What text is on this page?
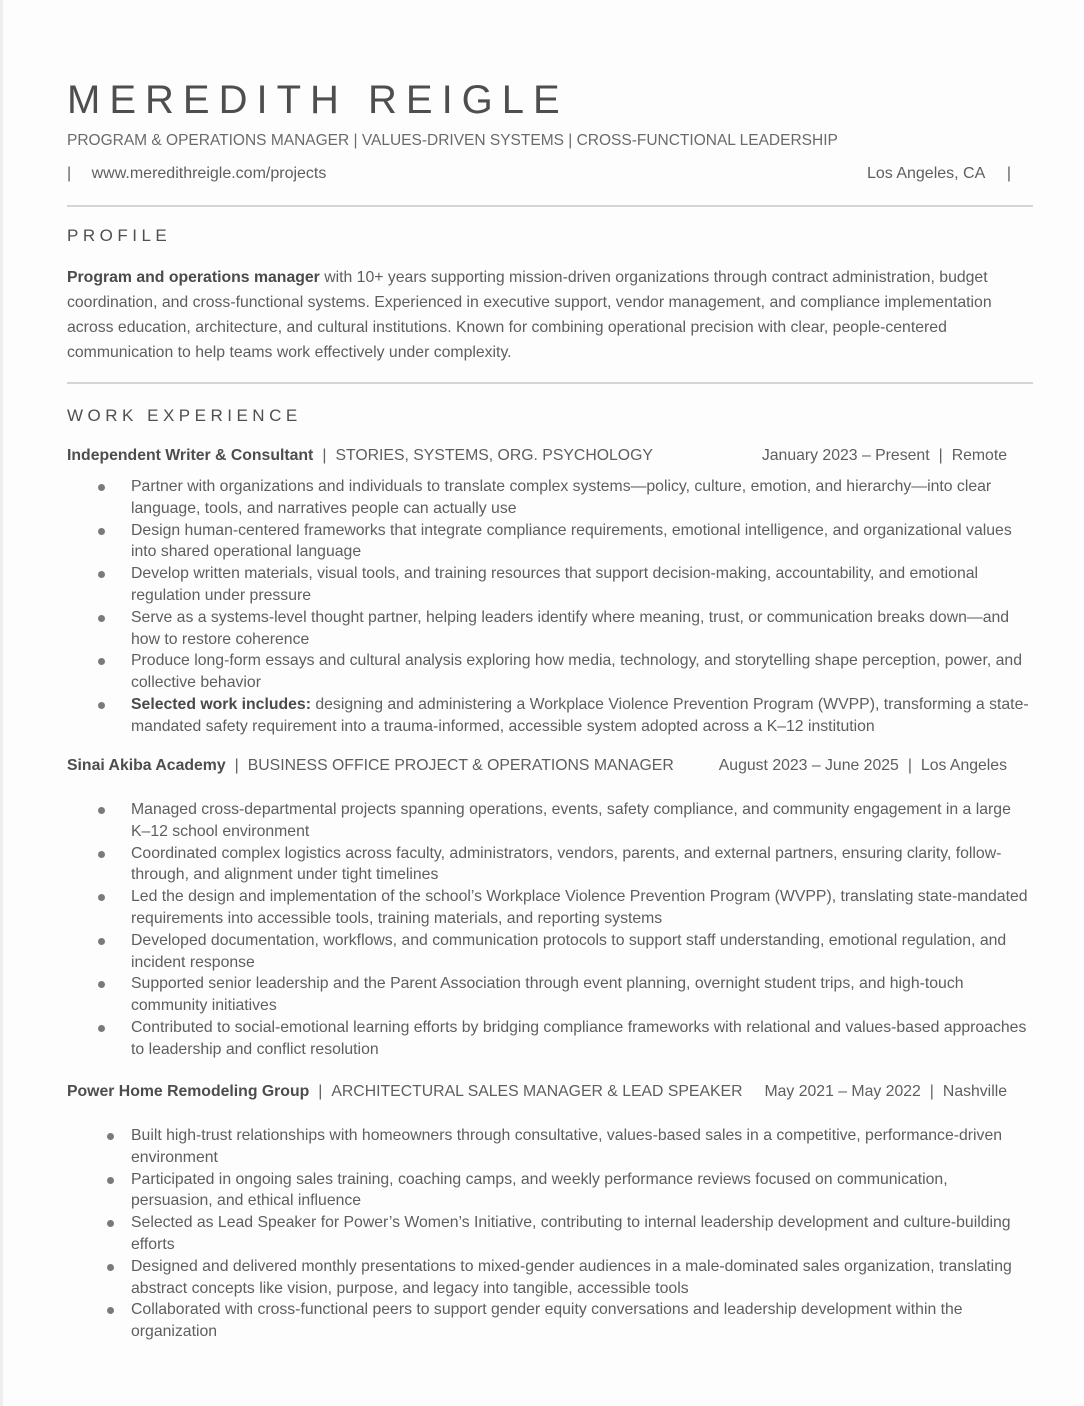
MEREDITH REIGLE
PROGRAM & OPERATIONS MANAGER | VALUES-DRIVEN SYSTEMS | CROSS-FUNCTIONAL LEADERSHIP
| www.meredithreigle.com/projects	Los Angeles, CA |
PROFILE

Program and operations manager with 10+ years supporting mission-driven organizations through contract administration, budget coordination, and cross-functional systems. Experienced in executive support, vendor management, and compliance implementation across education, architecture, and cultural institutions. Known for combining operational precision with clear, people-centered communication to help teams work effectively under complexity.

WORK EXPERIENCE
Independent Writer & Consultant | STORIES, SYSTEMS, ORG. PSYCHOLOGY	January 2023 – Present | Remote
Partner with organizations and individuals to translate complex systems—policy, culture, emotion, and hierarchy—into clear language, tools, and narratives people can actually use
Design human-centered frameworks that integrate compliance requirements, emotional intelligence, and organizational values into shared operational language
Develop written materials, visual tools, and training resources that support decision-making, accountability, and emotional regulation under pressure
Serve as a systems-level thought partner, helping leaders identify where meaning, trust, or communication breaks down—and how to restore coherence
Produce long-form essays and cultural analysis exploring how media, technology, and storytelling shape perception, power, and collective behavior
Selected work includes: designing and administering a Workplace Violence Prevention Program (WVPP), transforming a state-mandated safety requirement into a trauma-informed, accessible system adopted across a K–12 institution
Sinai Akiba Academy | BUSINESS OFFICE PROJECT & OPERATIONS MANAGER	August 2023 – June 2025 | Los Angeles
Managed cross-departmental projects spanning operations, events, safety compliance, and community engagement in a large K–12 school environment
Coordinated complex logistics across faculty, administrators, vendors, parents, and external partners, ensuring clarity, follow-through, and alignment under tight timelines
Led the design and implementation of the school’s Workplace Violence Prevention Program (WVPP), translating state-mandated requirements into accessible tools, training materials, and reporting systems
Developed documentation, workflows, and communication protocols to support staff understanding, emotional regulation, and incident response
Supported senior leadership and the Parent Association through event planning, overnight student trips, and high-touch community initiatives
Contributed to social-emotional learning efforts by bridging compliance frameworks with relational and values-based approaches to leadership and conflict resolution
Power Home Remodeling Group | ARCHITECTURAL SALES MANAGER & LEAD SPEAKER May 2021 – May 2022 | Nashville
Built high-trust relationships with homeowners through consultative, values-based sales in a competitive, performance-driven environment
Participated in ongoing sales training, coaching camps, and weekly performance reviews focused on communication, persuasion, and ethical influence
Selected as Lead Speaker for Power’s Women’s Initiative, contributing to internal leadership development and culture-building efforts
Designed and delivered monthly presentations to mixed-gender audiences in a male-dominated sales organization, translating abstract concepts like vision, purpose, and legacy into tangible, accessible tools
Collaborated with cross-functional peers to support gender equity conversations and leadership development within the organization
